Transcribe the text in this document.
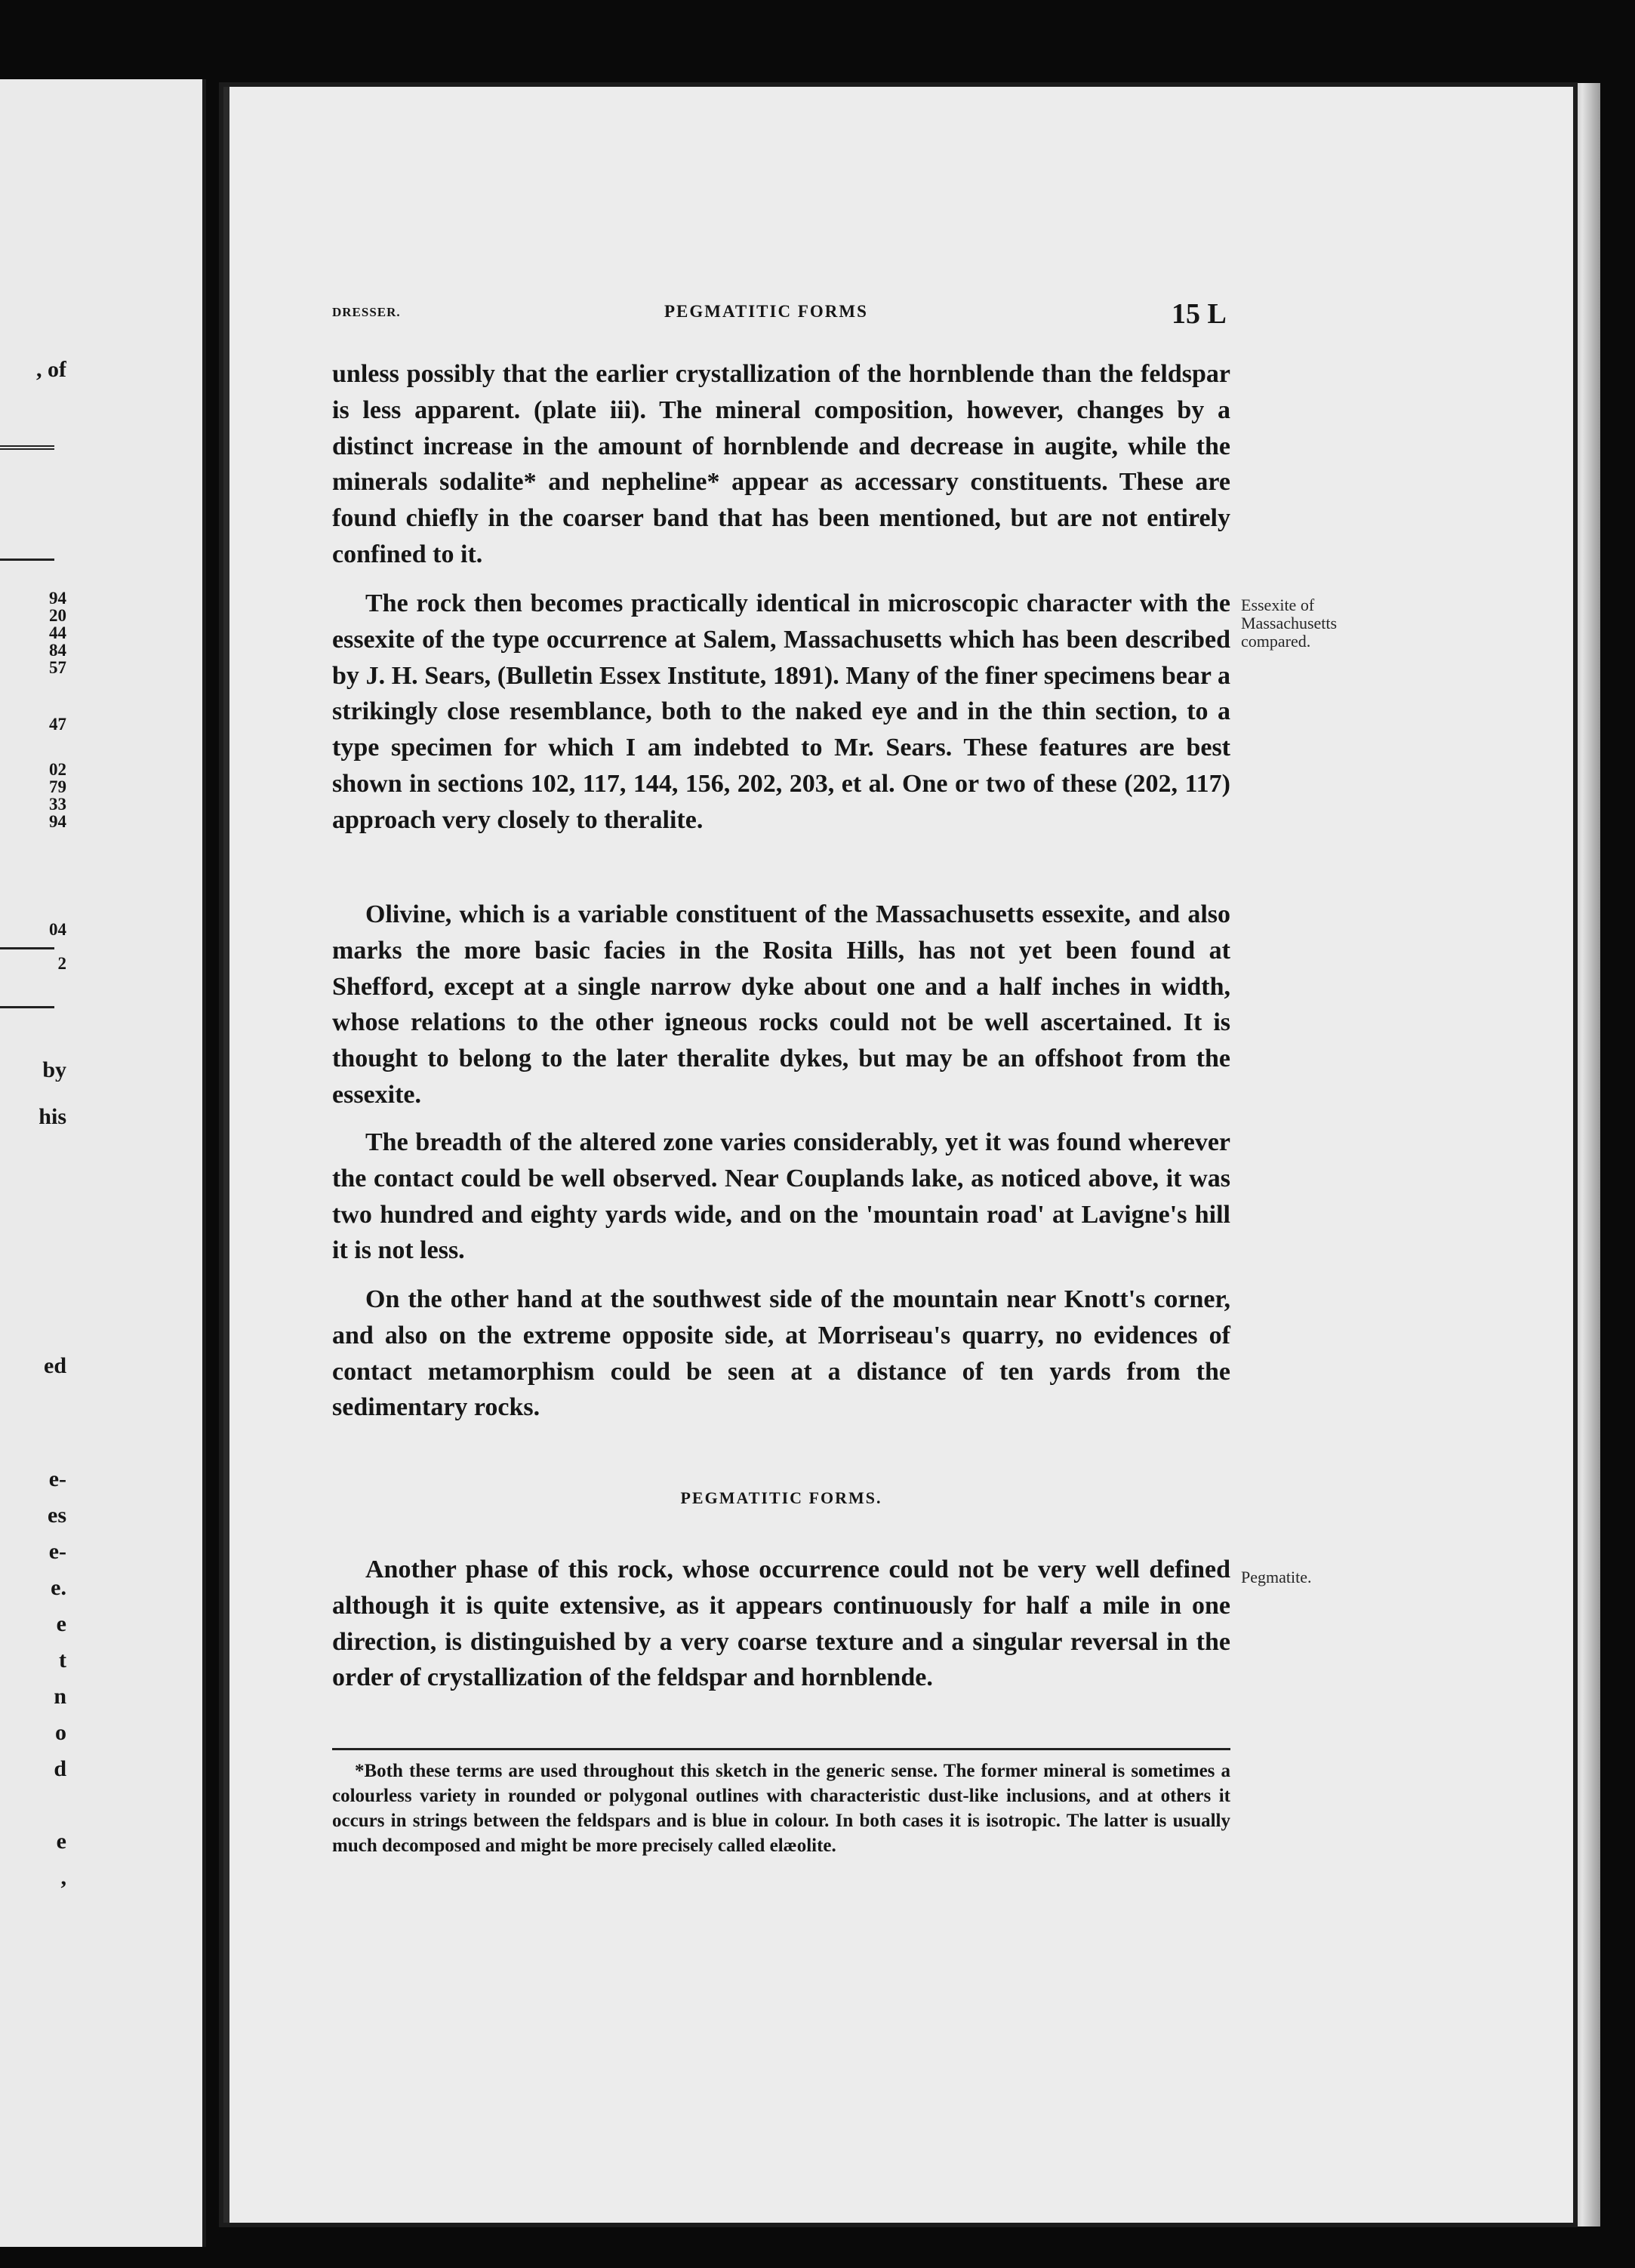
, of
94
20
44
84
57
47
02
79
33
94
04
2
by
his
ed
e-
es
e-
e.
e
t
n
o
d
e
,
DRESSER.	PEGMATITIC FORMS	15 L

unless possibly that the earlier crystallization of the hornblende than the feldspar is less apparent. (plate iii). The mineral composition, however, changes by a distinct increase in the amount of hornblende and decrease in augite, while the minerals sodalite* and nepheline* appear as accessary constituents. These are found chiefly in the coarser band that has been mentioned, but are not entirely confined to it.

The rock then becomes practically identical in microscopic character with the essexite of the type occurrence at Salem, Massachusetts which has been described by J. H. Sears, (Bulletin Essex Institute, 1891). Many of the finer specimens bear a strikingly close resemblance, both to the naked eye and in the thin section, to a type specimen for which I am indebted to Mr. Sears. These features are best shown in sections 102, 117, 144, 156, 202, 203, et al. One or two of these (202, 117) approach very closely to theralite.

Olivine, which is a variable constituent of the Massachusetts essexite, and also marks the more basic facies in the Rosita Hills, has not yet been found at Shefford, except at a single narrow dyke about one and a half inches in width, whose relations to the other igneous rocks could not be well ascertained. It is thought to belong to the later theralite dykes, but may be an offshoot from the essexite.

The breadth of the altered zone varies considerably, yet it was found wherever the contact could be well observed. Near Couplands lake, as noticed above, it was two hundred and eighty yards wide, and on the 'mountain road' at Lavigne's hill it is not less.

On the other hand at the southwest side of the mountain near Knott's corner, and also on the extreme opposite side, at Morriseau's quarry, no evidences of contact metamorphism could be seen at a distance of ten yards from the sedimentary rocks.

PEGMATITIC FORMS.

Another phase of this rock, whose occurrence could not be very well defined although it is quite extensive, as it appears continuously for half a mile in one direction, is distinguished by a very coarse texture and a singular reversal in the order of crystallization of the feldspar and hornblende.

Essexite of Massachusetts compared.
Pegmatite.

*Both these terms are used throughout this sketch in the generic sense. The former mineral is sometimes a colourless variety in rounded or polygonal outlines with characteristic dust-like inclusions, and at others it occurs in strings between the feldspars and is blue in colour. In both cases it is isotropic. The latter is usually much decomposed and might be more precisely called elæolite.
